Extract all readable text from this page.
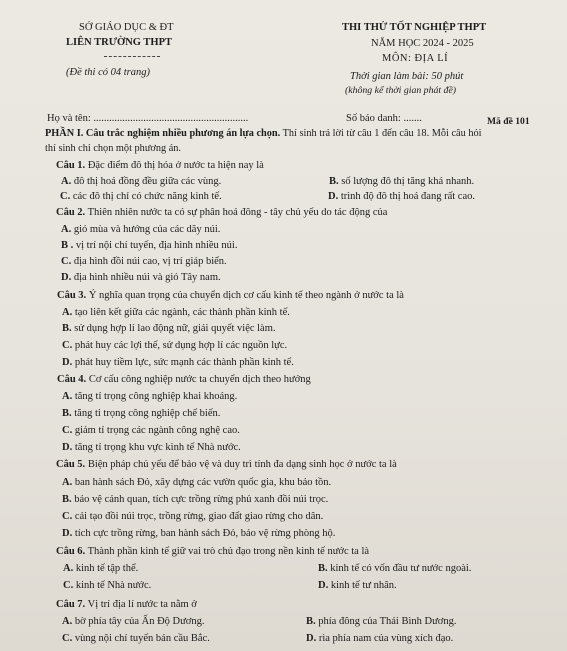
SỞ GIÁO DỤC & ĐT
LIÊN TRƯỜNG THPT
(Đề thi có 04 trang)
THI THỬ TỐT NGHIỆP THPT
NĂM HỌC 2024 - 2025
MÔN: ĐỊA LÍ
Thời gian làm bài: 50 phút
(không kể thời gian phát đề)
Họ và tên: ...........................................................	Số báo danh: .......	Mã đề 101
PHẦN I. Câu trắc nghiệm nhiều phương án lựa chọn. Thí sinh trả lời từ câu 1 đến câu 18. Mỗi câu hỏi
thí sinh chỉ chọn một phương án.
Câu 1. Đặc điểm đô thị hóa ở nước ta hiện nay là
A. đô thị hoá đồng đều giữa các vùng.	B. số lượng đô thị tăng khá nhanh.
C. các đô thị chỉ có chức năng kinh tế.	D. trình độ đô thị hoá đang rất cao.
Câu 2. Thiên nhiên nước ta có sự phân hoá đông - tây chủ yếu do tác động của
A. gió mùa và hướng của các dãy núi.
B . vị trí nội chí tuyến, địa hình nhiều núi.
C. địa hình đồi núi cao, vị trí giáp biển.
D. địa hình nhiều núi và gió Tây nam.
Câu 3. Ý nghĩa quan trọng của chuyển dịch cơ cấu kinh tế theo ngành ở nước ta là
A. tạo liên kết giữa các ngành, các thành phần kinh tế.
B. sử dụng hợp lí lao động nữ, giải quyết việc làm.
C. phát huy các lợi thế, sử dụng hợp lí các nguồn lực.
D. phát huy tiềm lực, sức mạnh các thành phần kinh tế.
Câu 4. Cơ cấu công nghiệp nước ta chuyển dịch theo hướng
A. tăng tỉ trọng công nghiệp khai khoáng.
B. tăng tỉ trọng công nghiệp chế biến.
C. giảm tỉ trọng các ngành công nghệ cao.
D. tăng tỉ trọng khu vực kinh tế Nhà nước.
Câu 5. Biện pháp chủ yếu để bảo vệ và duy trì tính đa dạng sinh học ở nước ta là
A. ban hành sách Đỏ, xây dựng các vườn quốc gia, khu bảo tồn.
B. bảo vệ cảnh quan, tích cực trồng rừng phủ xanh đồi núi trọc.
C. cải tạo đồi núi trọc, trồng rừng, giao đất giao rừng cho dân.
D. tích cực trồng rừng, ban hành sách Đỏ, bảo vệ rừng phòng hộ.
Câu 6. Thành phần kinh tế giữ vai trò chủ đạo trong nền kinh tế nước ta là
A. kinh tế tập thể.	B. kinh tế có vốn đầu tư nước ngoài.
C. kinh tế Nhà nước.	D. kinh tế tư nhân.
Câu 7. Vị trí địa lí nước ta nằm ở
A. bờ phía tây của Ấn Độ Dương.	B. phía đông của Thái Bình Dương.
C. vùng nội chí tuyến bán cầu Bắc.	D. rìa phía nam của vùng xích đạo.
